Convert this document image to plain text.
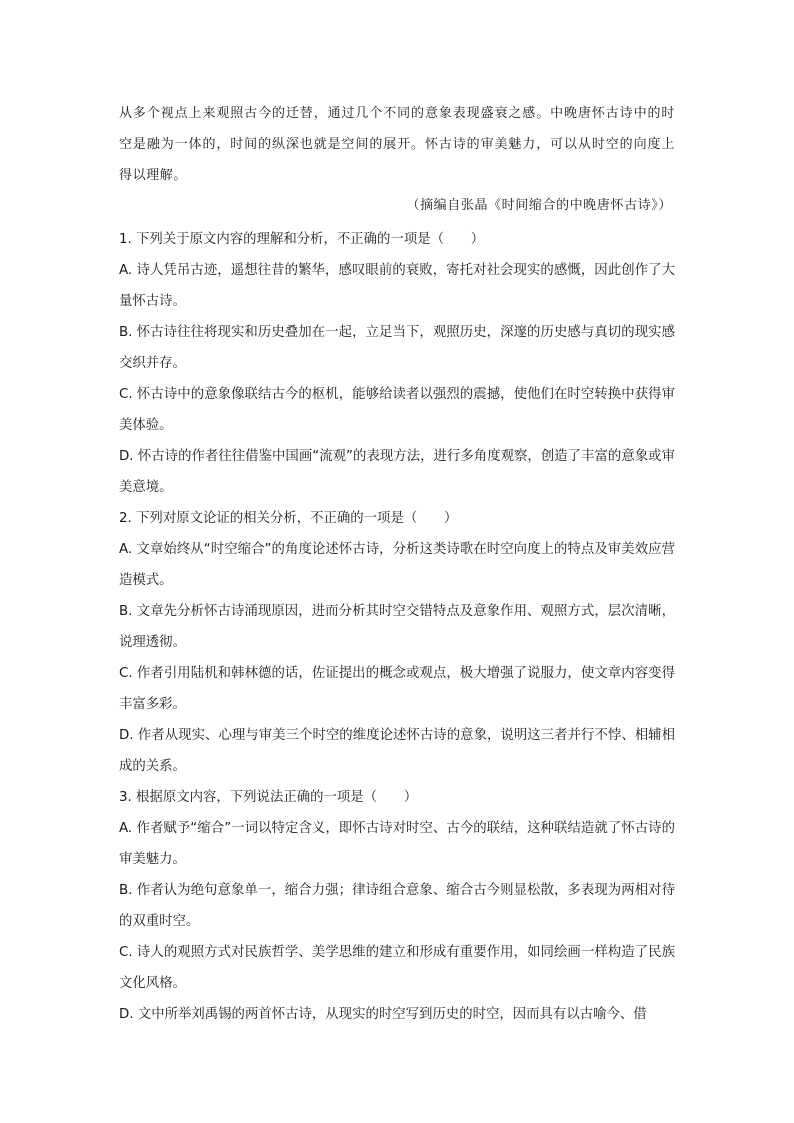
从多个视点上来观照古今的迁替，通过几个不同的意象表现盛衰之感。中晚唐怀古诗中的时空是融为一体的，时间的纵深也就是空间的展开。怀古诗的审美魅力，可以从时空的向度上得以理解。

（摘编自张晶《时间缩合的中晚唐怀古诗》）

1. 下列关于原文内容的理解和分析，不正确的一项是（　　）

A. 诗人凭吊古迹，遥想往昔的繁华，感叹眼前的衰败，寄托对社会现实的感慨，因此创作了大量怀古诗。

B. 怀古诗往往将现实和历史叠加在一起，立足当下，观照历史，深邃的历史感与真切的现实感交织并存。

C. 怀古诗中的意象像联结古今的枢机，能够给读者以强烈的震撼，使他们在时空转换中获得审美体验。

D. 怀古诗的作者往往借鉴中国画“流观”的表现方法，进行多角度观察，创造了丰富的意象或审美意境。

2. 下列对原文论证的相关分析，不正确的一项是（　　）

A. 文章始终从“时空缩合”的角度论述怀古诗，分析这类诗歌在时空向度上的特点及审美效应营造模式。

B. 文章先分析怀古诗涌现原因，进而分析其时空交错特点及意象作用、观照方式，层次清晰，说理透彻。

C. 作者引用陆机和韩林德的话，佐证提出的概念或观点，极大增强了说服力，使文章内容变得丰富多彩。

D. 作者从现实、心理与审美三个时空的维度论述怀古诗的意象，说明这三者并行不悖、相辅相成的关系。

3. 根据原文内容，下列说法正确的一项是（　　）

A. 作者赋予“缩合”一词以特定含义，即怀古诗对时空、古今的联结，这种联结造就了怀古诗的审美魅力。

B. 作者认为绝句意象单一，缩合力强；律诗组合意象、缩合古今则显松散，多表现为两相对待的双重时空。

C. 诗人的观照方式对民族哲学、美学思维的建立和形成有重要作用，如同绘画一样构造了民族文化风格。

D. 文中所举刘禹锡的两首怀古诗，从现实的时空写到历史的时空，因而具有以古喻今、借
